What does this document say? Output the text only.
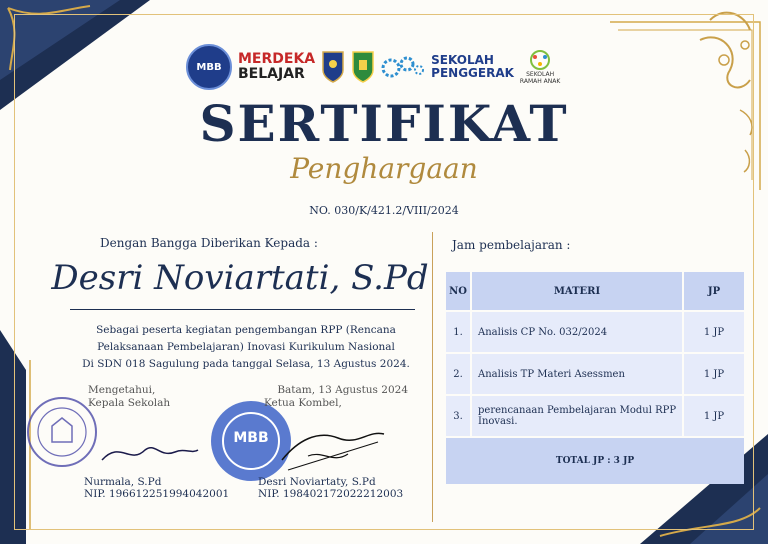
MBB MERDEKA
BELAJAR
SEKOLAH
PENGGERAK SEKOLAH
RAMAH ANAK
SERTIFIKAT
Penghargaan
NO. 030/K/421.2/VIII/2024
Dengan Bangga Diberikan Kepada :
Desri Noviartati, S.Pd
Sebagai peserta kegiatan pengembangan RPP (Rencana
Pelaksanaan Pembelajaran) Inovasi Kurikulum Nasional
Di SDN 018 Sagulung pada tanggal Selasa, 13 Agustus 2024.
MBB
Mengetahui,
Kepala Sekolah
Batam, 13 Agustus 2024
Ketua Kombel,
Nurmala, S.Pd
NIP. 196612251994042001
Desri Noviartaty, S.Pd
NIP. 198402172022212003
Jam pembelajaran :
NO	MATERI	JP
1.	Analisis CP No. 032/2024	1 JP
2.	Analisis TP Materi Asessmen	1 JP
3.	perencanaan Pembelajaran Modul RPP Inovasi.	1 JP
TOTAL JP : 3 JP		
